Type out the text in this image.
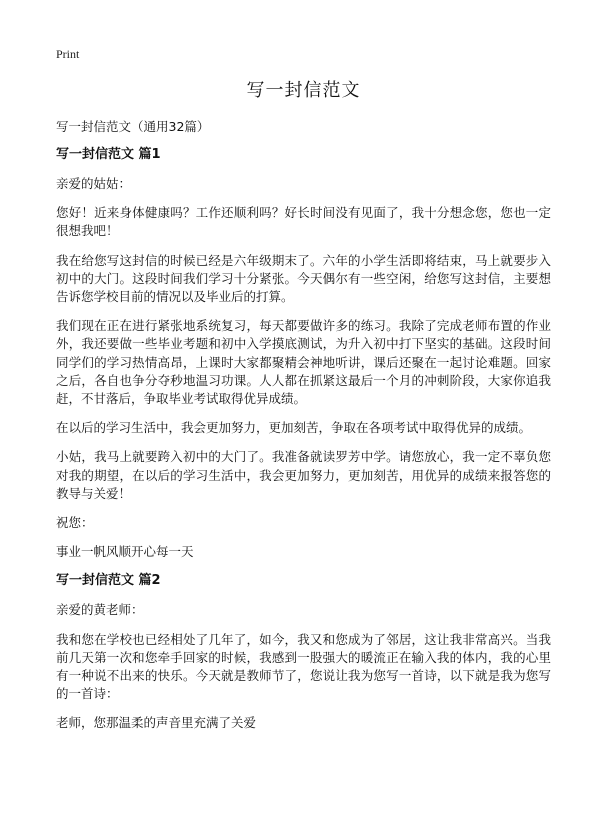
Print
写一封信范文

写一封信范文（通用32篇）

写一封信范文 篇1

亲爱的姑姑：

您好！近来身体健康吗？工作还顺利吗？好长时间没有见面了，我十分想念您，您也一定很想我吧！

我在给您写这封信的时候已经是六年级期末了。六年的小学生活即将结束，马上就要步入初中的大门。这段时间我们学习十分紧张。今天偶尔有一些空闲，给您写这封信，主要想告诉您学校目前的情况以及毕业后的打算。

我们现在正在进行紧张地系统复习，每天都要做许多的练习。我除了完成老师布置的作业外，我还要做一些毕业考题和初中入学摸底测试，为升入初中打下坚实的基础。这段时间同学们的学习热情高昂，上课时大家都聚精会神地听讲，课后还聚在一起讨论难题。回家之后，各自也争分夺秒地温习功课。人人都在抓紧这最后一个月的冲刺阶段，大家你追我赶，不甘落后，争取毕业考试取得优异成绩。

在以后的学习生活中，我会更加努力，更加刻苦，争取在各项考试中取得优异的成绩。

小姑，我马上就要跨入初中的大门了。我准备就读罗芳中学。请您放心，我一定不辜负您对我的期望，在以后的学习生活中，我会更加努力，更加刻苦，用优异的成绩来报答您的教导与关爱！

祝您：

事业一帆风顺开心每一天

写一封信范文 篇2

亲爱的黄老师：

我和您在学校也已经相处了几年了，如今，我又和您成为了邻居，这让我非常高兴。当我前几天第一次和您牵手回家的时候，我感到一股强大的暖流正在输入我的体内，我的心里有一种说不出来的快乐。今天就是教师节了，您说让我为您写一首诗，以下就是我为您写的一首诗：

老师，您那温柔的声音里充满了关爱
